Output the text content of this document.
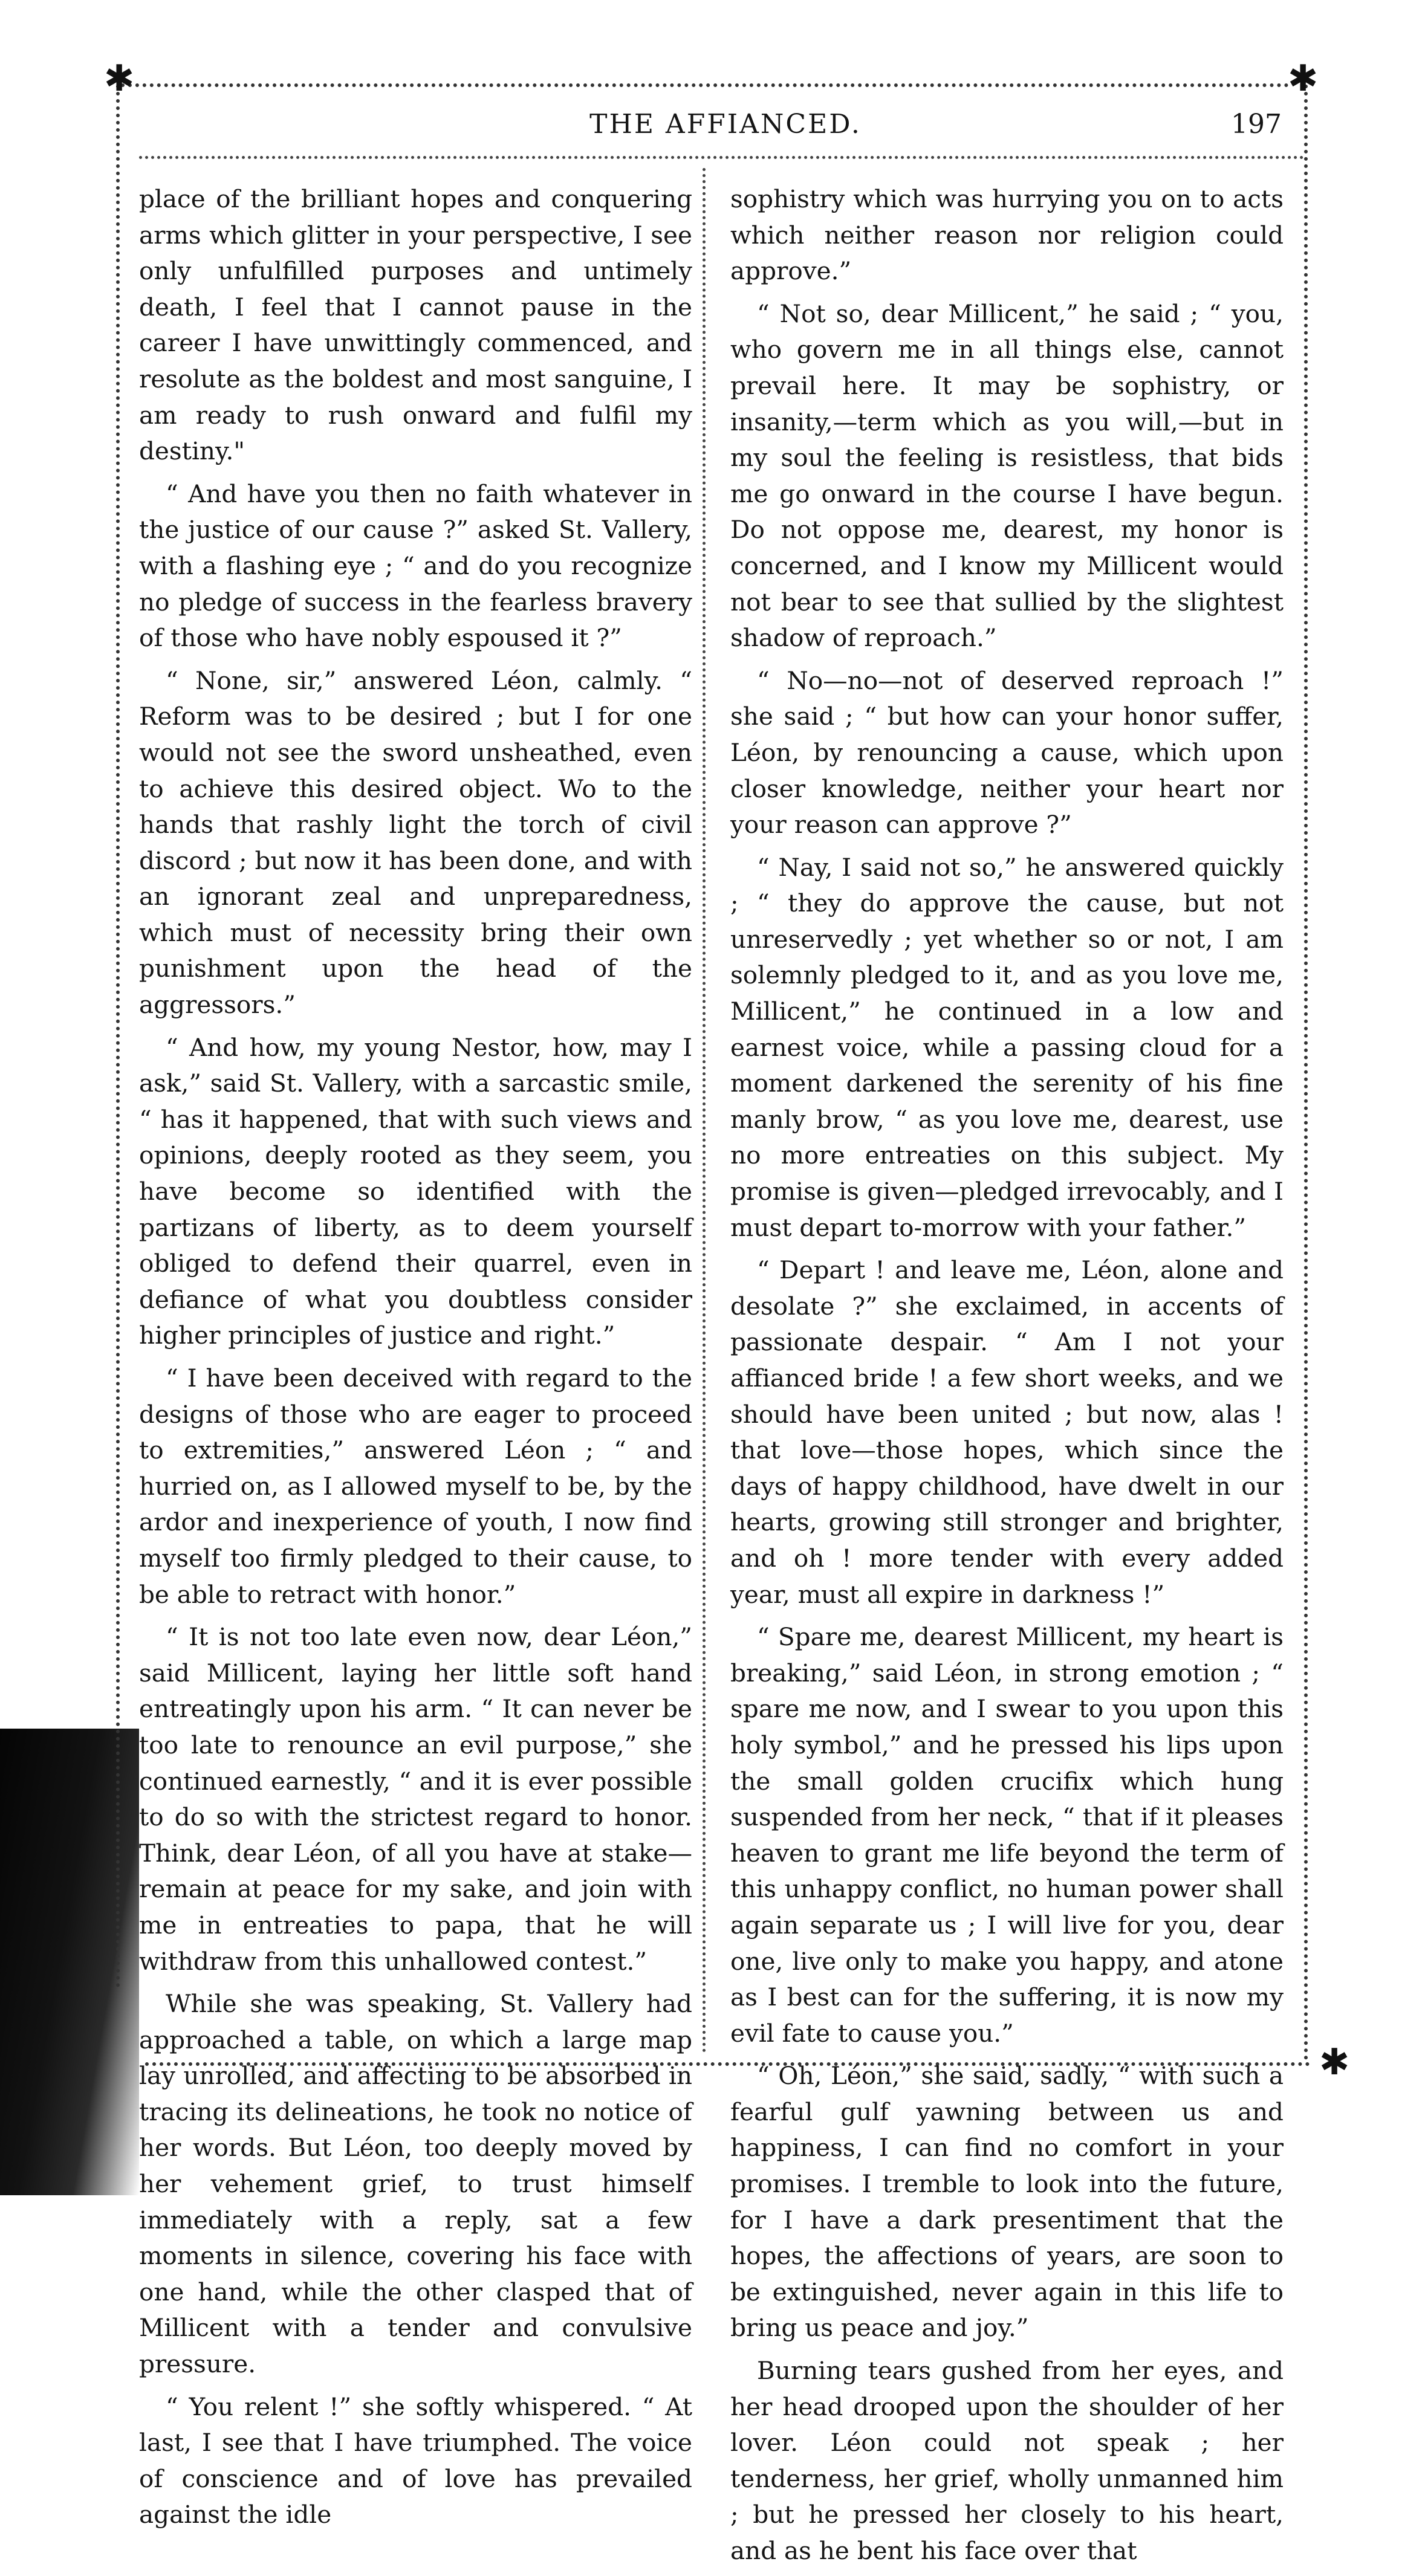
✱	✱
✱
THE AFFIANCED.	197

place of the brilliant hopes and conquering arms which glitter in your perspective, I see only unfulfilled purposes and untimely death, I feel that I cannot pause in the career I have unwittingly commenced, and resolute as the boldest and most sanguine, I am ready to rush onward and fulfil my destiny."

“ And have you then no faith whatever in the justice of our cause ?” asked St. Vallery, with a flashing eye ; “ and do you recognize no pledge of success in the fearless bravery of those who have nobly espoused it ?”

“ None, sir,” answered Léon, calmly. “ Reform was to be desired ; but I for one would not see the sword unsheathed, even to achieve this desired object. Wo to the hands that rashly light the torch of civil discord ; but now it has been done, and with an ignorant zeal and unpreparedness, which must of necessity bring their own punishment upon the head of the aggressors.”

“ And how, my young Nestor, how, may I ask,” said St. Vallery, with a sarcastic smile, “ has it happened, that with such views and opinions, deeply rooted as they seem, you have become so identified with the partizans of liberty, as to deem yourself obliged to defend their quarrel, even in defiance of what you doubtless consider higher principles of justice and right.”

“ I have been deceived with regard to the designs of those who are eager to proceed to extremities,” answered Léon ; “ and hurried on, as I allowed myself to be, by the ardor and inexperience of youth, I now find myself too firmly pledged to their cause, to be able to retract with honor.”

“ It is not too late even now, dear Léon,” said Millicent, laying her little soft hand entreatingly upon his arm. “ It can never be too late to renounce an evil purpose,” she continued earnestly, “ and it is ever possible to do so with the strictest regard to honor. Think, dear Léon, of all you have at stake—remain at peace for my sake, and join with me in entreaties to papa, that he will withdraw from this unhallowed contest.”

While she was speaking, St. Vallery had approached a table, on which a large map lay unrolled, and affecting to be absorbed in tracing its delineations, he took no notice of her words. But Léon, too deeply moved by her vehement grief, to trust himself immediately with a reply, sat a few moments in silence, covering his face with one hand, while the other clasped that of Millicent with a tender and convulsive pressure.

“ You relent !” she softly whispered. “ At last, I see that I have triumphed. The voice of conscience and of love has prevailed against the idle

sophistry which was hurrying you on to acts which neither reason nor religion could approve.”

“ Not so, dear Millicent,” he said ; “ you, who govern me in all things else, cannot prevail here. It may be sophistry, or insanity,—term which as you will,—but in my soul the feeling is resistless, that bids me go onward in the course I have begun. Do not oppose me, dearest, my honor is concerned, and I know my Millicent would not bear to see that sullied by the slightest shadow of reproach.”

“ No—no—not of deserved reproach !” she said ; “ but how can your honor suffer, Léon, by renouncing a cause, which upon closer knowledge, neither your heart nor your reason can approve ?”

“ Nay, I said not so,” he answered quickly ; “ they do approve the cause, but not unreservedly ; yet whether so or not, I am solemnly pledged to it, and as you love me, Millicent,” he continued in a low and earnest voice, while a passing cloud for a moment darkened the serenity of his fine manly brow, “ as you love me, dearest, use no more entreaties on this subject. My promise is given—pledged irrevocably, and I must depart to-morrow with your father.”

“ Depart ! and leave me, Léon, alone and desolate ?” she exclaimed, in accents of passionate despair. “ Am I not your affianced bride ! a few short weeks, and we should have been united ; but now, alas ! that love—those hopes, which since the days of happy childhood, have dwelt in our hearts, growing still stronger and brighter, and oh ! more tender with every added year, must all expire in darkness !”

“ Spare me, dearest Millicent, my heart is breaking,” said Léon, in strong emotion ; “ spare me now, and I swear to you upon this holy symbol,” and he pressed his lips upon the small golden crucifix which hung suspended from her neck, “ that if it pleases heaven to grant me life beyond the term of this unhappy conflict, no human power shall again separate us ; I will live for you, dear one, live only to make you happy, and atone as I best can for the suffering, it is now my evil fate to cause you.”

“ Oh, Léon,” she said, sadly, “ with such a fearful gulf yawning between us and happiness, I can find no comfort in your promises. I tremble to look into the future, for I have a dark presentiment that the hopes, the affections of years, are soon to be extinguished, never again in this life to bring us peace and joy.”

Burning tears gushed from her eyes, and her head drooped upon the shoulder of her lover. Léon could not speak ; her tenderness, her grief, wholly unmanned him ; but he pressed her closely to his heart, and as he bent his face over that
